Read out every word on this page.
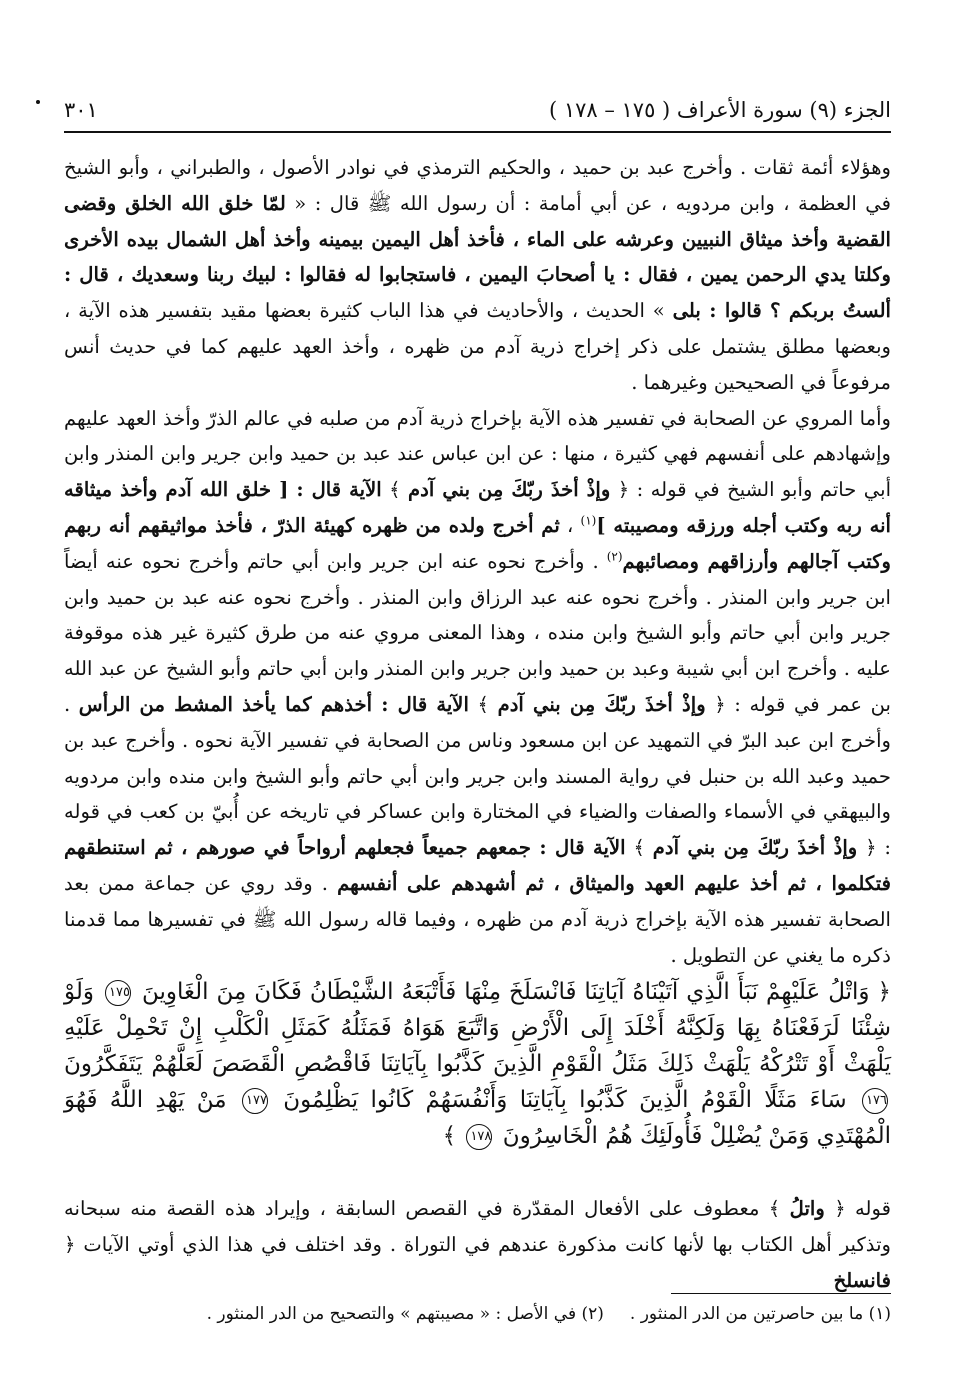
الجزء (٩) سورة الأعراف ( ١٧٥ – ١٧٨ )
٣٠١

وهؤلاء أئمة ثقات . وأخرج عبد بن حميد ، والحكيم الترمذي في نوادر الأصول ، والطبراني ، وأبو الشيخ في العظمة ، وابن مردويه ، عن أبي أمامة : أن رسول الله ﷺ قال : « لمّا خلق الله الخلق وقضى القضية وأخذ ميثاق النبيين وعرشه على الماء ، فأخذ أهل اليمين بيمينه وأخذ أهل الشمال بيده الأخرى وكلتا يدي الرحمن يمين ، فقال : يا أصحابَ اليمين ، فاستجابوا له فقالوا : لبيك ربنا وسعديك ، قال : ألستُ بربكم ؟ قالوا : بلى » الحديث ، والأحاديث في هذا الباب كثيرة بعضها مقيد بتفسير هذه الآية ، وبعضها مطلق يشتمل على ذكر إخراج ذرية آدم من ظهره ، وأخذ العهد عليهم كما في حديث أنس مرفوعاً في الصحيحين وغيرهما .

وأما المروي عن الصحابة في تفسير هذه الآية بإخراج ذرية آدم من صلبه في عالم الذرّ وأخذ العهد عليهم وإشهادهم على أنفسهم فهي كثيرة ، منها : عن ابن عباس عند عبد بن حميد وابن جرير وابن المنذر وابن أبي حاتم وأبو الشيخ في قوله : ﴿ وإذْ أخذَ ربّكَ مِن بني آدم ﴾ الآية قال : [ خلق الله آدم وأخذ ميثاقه أنه ربه وكتب أجله ورزقه ومصيبته ]$^{(١)}$ ، ثم أخرج ولده من ظهره كهيئة الذرّ ، فأخذ مواثيقهم أنه ربهم وكتب آجالهم وأرزاقهم ومصائبهم$^{(٢)}$ . وأخرج نحوه عنه ابن جرير وابن أبي حاتم وأخرج نحوه عنه أيضاً ابن جرير وابن المنذر . وأخرج نحوه عنه عبد الرزاق وابن المنذر . وأخرج نحوه عنه عبد بن حميد وابن جرير وابن أبي حاتم وأبو الشيخ وابن منده ، وهذا المعنى مروي عنه من طرق كثيرة غير هذه موقوفة عليه . وأخرج ابن أبي شيبة وعبد بن حميد وابن جرير وابن المنذر وابن أبي حاتم وأبو الشيخ عن عبد الله بن عمر في قوله : ﴿ وإذْ أخذَ ربّكَ مِن بني آدم ﴾ الآية قال : أخذهم كما يأخذ المشط من الرأس . وأخرج ابن عبد البرّ في التمهيد عن ابن مسعود وناس من الصحابة في تفسير الآية نحوه . وأخرج عبد بن حميد وعبد الله بن حنبل في رواية المسند وابن جرير وابن أبي حاتم وأبو الشيخ وابن منده وابن مردويه والبيهقي في الأسماء والصفات والضياء في المختارة وابن عساكر في تاريخه عن أُبيّ بن كعب في قوله : ﴿ وإذْ أخذَ ربّكَ مِن بني آدم ﴾ الآية قال : جمعهم جميعاً فجعلهم أرواحاً في صورهم ، ثم استنطقهم فتكلموا ، ثم أخذ عليهم العهد والميثاق ، ثم أشهدهم على أنفسهم . وقد روي عن جماعة ممن بعد الصحابة تفسير هذه الآية بإخراج ذرية آدم من ظهره ، وفيما قاله رسول الله ﷺ في تفسيرها مما قدمنا ذكره ما يغني عن التطويل .

﴿ وَاتْلُ عَلَيْهِمْ نَبَأَ الَّذِي آتَيْنَاهُ آيَاتِنَا فَانْسَلَخَ مِنْهَا فَأَتْبَعَهُ الشَّيْطَانُ فَكَانَ مِنَ الْغَاوِينَ ١٧٥ وَلَوْ شِئْنَا لَرَفَعْنَاهُ بِهَا وَلَكِنَّهُ أَخْلَدَ إِلَى الْأَرْضِ وَاتَّبَعَ هَوَاهُ فَمَثَلُهُ كَمَثَلِ الْكَلْبِ إِنْ تَحْمِلْ عَلَيْهِ يَلْهَثْ أَوْ تَتْرُكْهُ يَلْهَثْ ذَلِكَ مَثَلُ الْقَوْمِ الَّذِينَ كَذَّبُوا بِآيَاتِنَا فَاقْصُصِ الْقَصَصَ لَعَلَّهُمْ يَتَفَكَّرُونَ ١٧٦ سَاءَ مَثَلًا الْقَوْمُ الَّذِينَ كَذَّبُوا بِآيَاتِنَا وَأَنْفُسَهُمْ كَانُوا يَظْلِمُونَ ١٧٧ مَنْ يَهْدِ اللَّهُ فَهُوَ الْمُهْتَدِي وَمَنْ يُضْلِلْ فَأُولَئِكَ هُمُ الْخَاسِرُونَ ١٧٨ ﴾

قوله ﴿ واتلُ ﴾ معطوف على الأفعال المقدّرة في القصص السابقة ، وإيراد هذه القصة منه سبحانه وتذكير أهل الكتاب بها لأنها كانت مذكورة عندهم في التوراة . وقد اختلف في هذا الذي أوتي الآيات ﴿ فانسلخ

(١) ما بين حاصرتين من الدر المنثور .
(٢) في الأصل : « مصيبتهم » والتصحيح من الدر المنثور .
